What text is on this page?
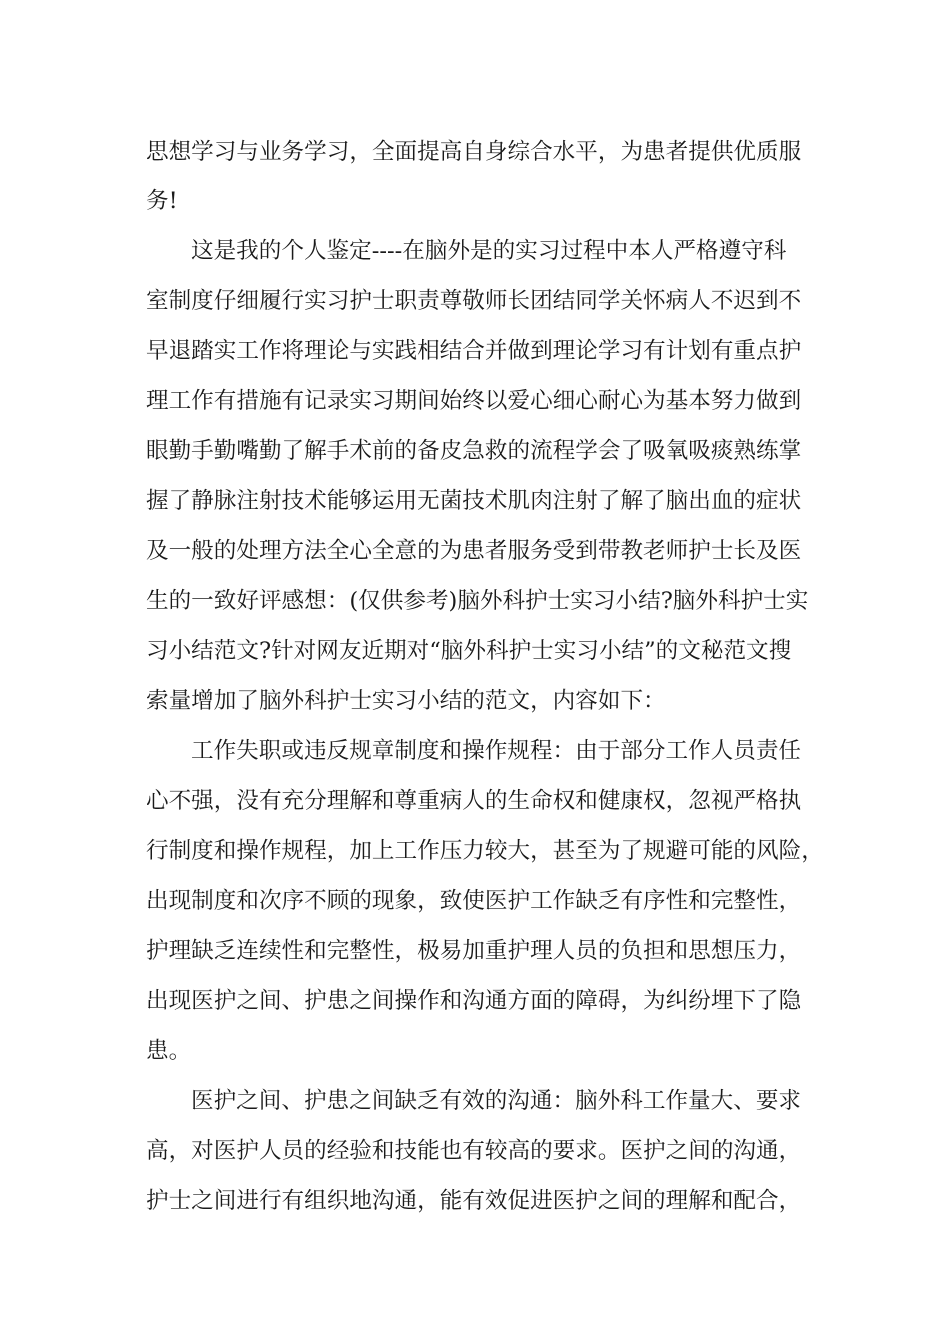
思想学习与业务学习，全面提高自身综合水平，为患者提供优质服
务!
这是我的个人鉴定----在脑外是的实习过程中本人严格遵守科
室制度仔细履行实习护士职责尊敬师长团结同学关怀病人不迟到不
早退踏实工作将理论与实践相结合并做到理论学习有计划有重点护
理工作有措施有记录实习期间始终以爱心细心耐心为基本努力做到
眼勤手勤嘴勤了解手术前的备皮急救的流程学会了吸氧吸痰熟练掌
握了静脉注射技术能够运用无菌技术肌肉注射了解了脑出血的症状
及一般的处理方法全心全意的为患者服务受到带教老师护士长及医
生的一致好评感想：(仅供参考)脑外科护士实习小结?脑外科护士实
习小结范文?针对网友近期对“脑外科护士实习小结”的文秘范文搜
索量增加了脑外科护士实习小结的范文，内容如下：
工作失职或违反规章制度和操作规程：由于部分工作人员责任
心不强，没有充分理解和尊重病人的生命权和健康权，忽视严格执
行制度和操作规程，加上工作压力较大，甚至为了规避可能的风险，
出现制度和次序不顾的现象，致使医护工作缺乏有序性和完整性，
护理缺乏连续性和完整性，极易加重护理人员的负担和思想压力，
出现医护之间、护患之间操作和沟通方面的障碍，为纠纷埋下了隐
患。
医护之间、护患之间缺乏有效的沟通：脑外科工作量大、要求
高，对医护人员的经验和技能也有较高的要求。医护之间的沟通，
护士之间进行有组织地沟通，能有效促进医护之间的理解和配合，
